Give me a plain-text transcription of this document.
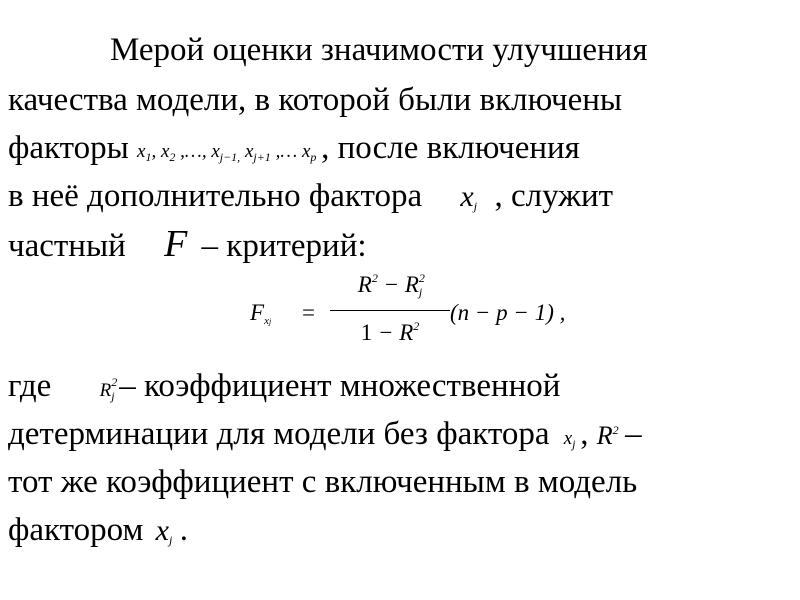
Мерой оценки значимости улучшения
качества модели, в которой были включены
факторы $x_1$, $x_2$ ,…, $x_{j-1,}$ $x_{j+1}$ ,… $x_p$ , после включения
в неё дополнительно фактора xj , служит
частный F – критерий:
Fxj =
$R^2 - R^2j$
$1 - R^2$
(n − p − 1) ,
где	$R^2_j$ – коэффициент множественной
детерминации для модели без фактора $x_j$ , $R^2$ –
тот же коэффициент с включенным в модель
фактором xj .
